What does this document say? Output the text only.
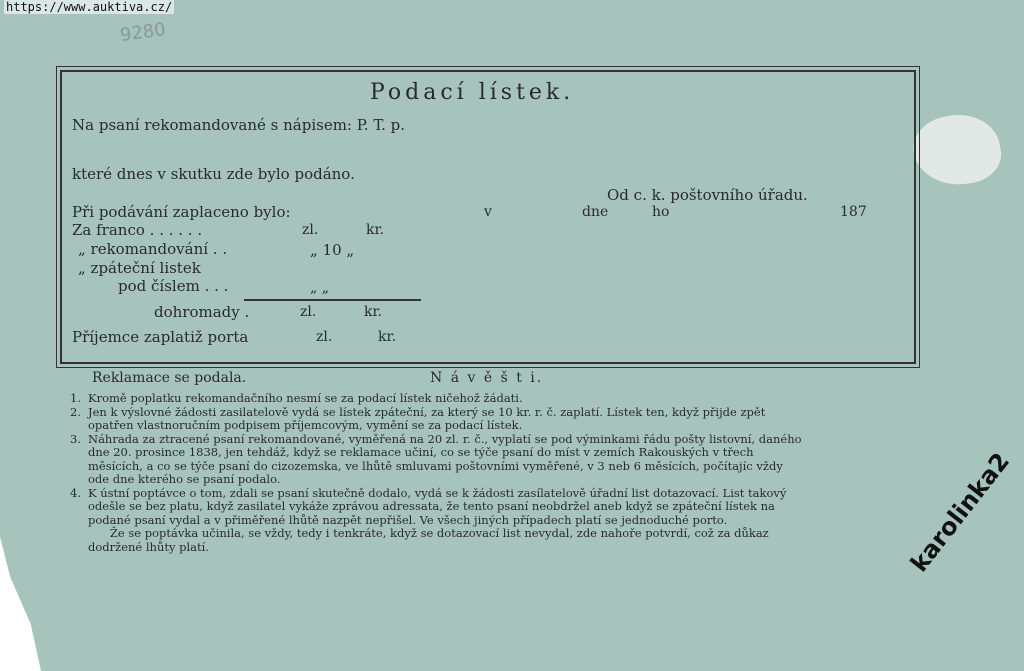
https://www.auktiva.cz/
9280
Podací lístek.
Na psaní rekomandované s nápisem: P. T. p.
které dnes v skutku zde bylo podáno.
Od c. k. poštovního úřadu.
Při podávání zaplaceno bylo:	v	dne	ho	187
Za franco . . . . . .	zl.	kr.
„ rekomandování . .	„ 10 „
„ zpáteční listek
pod číslem . . .	„ „
dohromady .	zl.	kr.
Příjemce zaplatiž porta	zl.	kr.
Reklamace se podala.	N á v ě š t i.
1. Kromě poplatku rekomandačního nesmí se za podací lístek ničehož žádati.
2. Jen k výslovné žádosti zasilatelově vydá se lístek zpáteční, za který se 10 kr. r. č. zaplatí. Lístek ten, když přijde zpět
opatřen vlastnoručním podpisem příjemcovým, vymění se za podací lístek.
3. Náhrada za ztracené psaní rekomandované, vyměřená na 20 zl. r. č., vyplatí se pod výminkami řádu pošty listovní, daného
dne 20. prosince 1838, jen tehdáž, když se reklamace učiní, co se týče psaní do míst v zemích Rakouských v třech
měsících, a co se týče psaní do cizozemska, ve lhůtě smluvami poštovními vyměřené, v 3 neb 6 měsících, počítajíc vždy
ode dne kterého se psaní podalo.
4. K ústní poptávce o tom, zdali se psaní skutečně dodalo, vydá se k žádosti zasílatelově úřadní list dotazovací. List takový
odešle se bez platu, když zasilatel vykáže zprávou adressata, že tento psaní neobdržel aneb když se zpáteční lístek na
podané psaní vydal a v přiměřené lhůtě nazpět nepřišel. Ve všech jiných případech platí se jednoduché porto.
Že se poptávka učinila, se vždy, tedy i tenkráte, když se dotazovací list nevydal, zde nahoře potvrdí, což za důkaz
dodržené lhůty platí.	karolinka2
